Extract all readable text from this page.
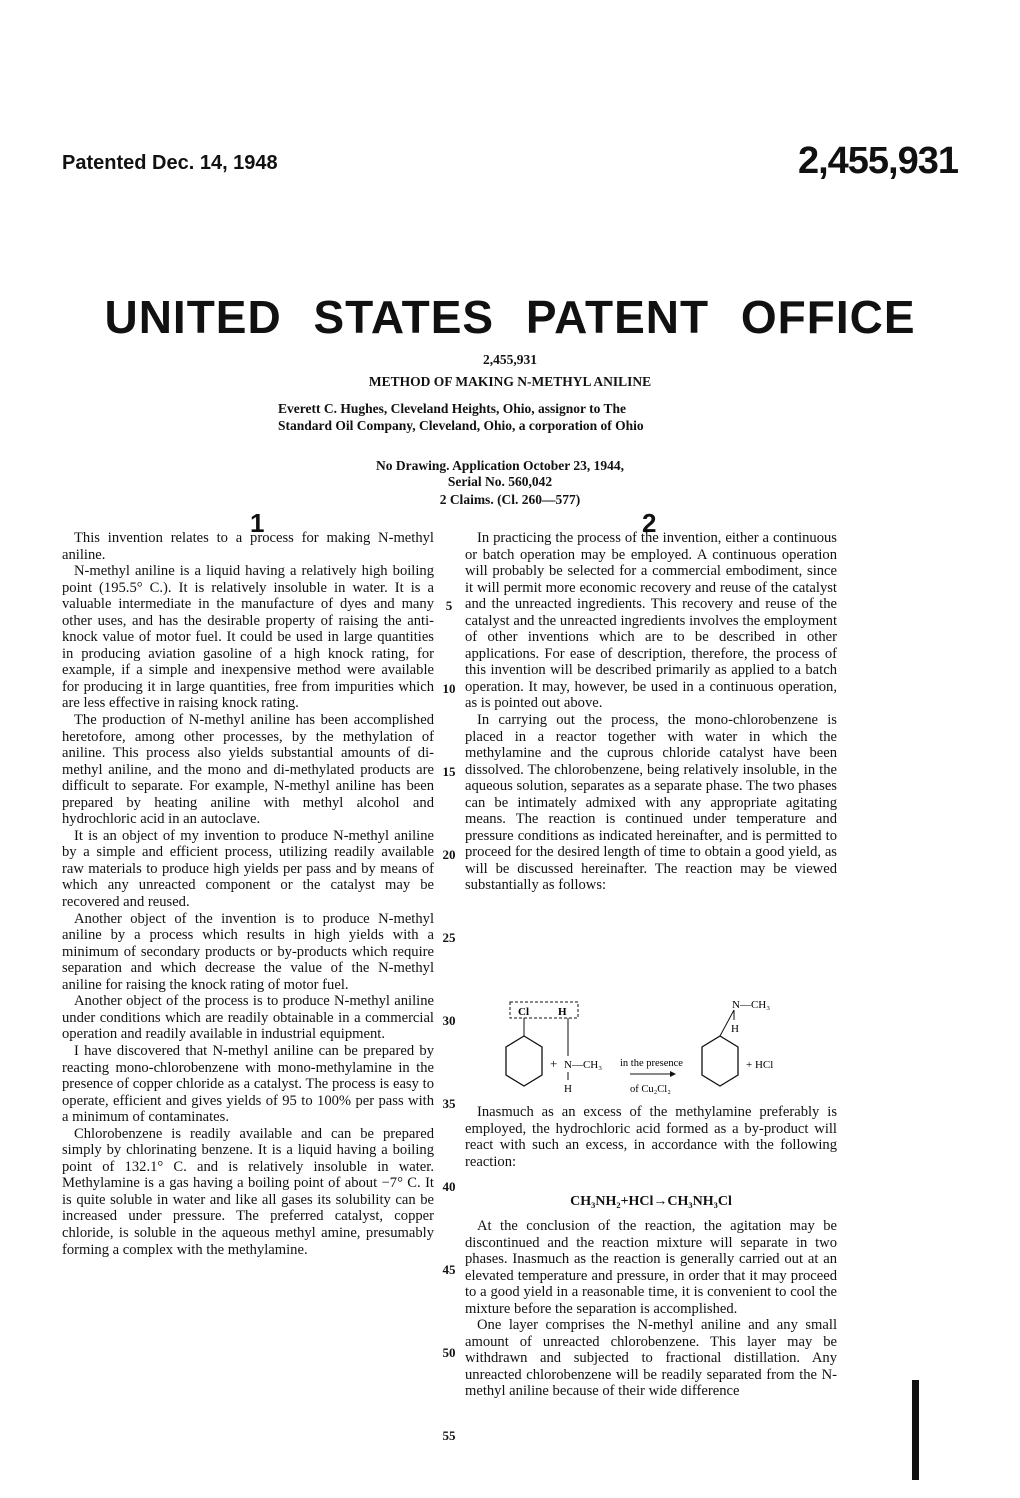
Patented Dec. 14, 1948	2,455,931
UNITED STATES PATENT OFFICE
2,455,931
METHOD OF MAKING N-METHYL ANILINE
Everett C. Hughes, Cleveland Heights, Ohio, assignor to The Standard Oil Company, Cleveland, Ohio, a corporation of Ohio
No Drawing. Application October 23, 1944,
Serial No. 560,042
2 Claims. (Cl. 260—577)
1	2

This invention relates to a process for making N-methyl aniline.

N-methyl aniline is a liquid having a relatively high boiling point (195.5° C.). It is relatively insoluble in water. It is a valuable intermediate in the manufacture of dyes and many other uses, and has the desirable property of raising the anti-knock value of motor fuel. It could be used in large quantities in producing aviation gasoline of a high knock rating, for example, if a simple and inexpensive method were available for producing it in large quantities, free from impurities which are less effective in raising knock rating.

The production of N-methyl aniline has been accomplished heretofore, among other processes, by the methylation of aniline. This process also yields substantial amounts of di-methyl aniline, and the mono and di-methylated products are difficult to separate. For example, N-methyl aniline has been prepared by heating aniline with methyl alcohol and hydrochloric acid in an autoclave.

It is an object of my invention to produce N-methyl aniline by a simple and efficient process, utilizing readily available raw materials to produce high yields per pass and by means of which any unreacted component or the catalyst may be recovered and reused.

Another object of the invention is to produce N-methyl aniline by a process which results in high yields with a minimum of secondary products or by-products which require separation and which decrease the value of the N-methyl aniline for raising the knock rating of motor fuel.

Another object of the process is to produce N-methyl aniline under conditions which are readily obtainable in a commercial operation and readily available in industrial equipment.

I have discovered that N-methyl aniline can be prepared by reacting mono-chlorobenzene with mono-methylamine in the presence of copper chloride as a catalyst. The process is easy to operate, efficient and gives yields of 95 to 100% per pass with a minimum of contaminates.

Chlorobenzene is readily available and can be prepared simply by chlorinating benzene. It is a liquid having a boiling point of 132.1° C. and is relatively insoluble in water. Methylamine is a gas having a boiling point of about −7° C. It is quite soluble in water and like all gases its solubility can be increased under pressure. The preferred catalyst, copper chloride, is soluble in the aqueous methyl amine, presumably forming a complex with the methylamine.

5
10
15
20
25
30
35
40
45
50
55

In practicing the process of the invention, either a continuous or batch operation may be employed. A continuous operation will probably be selected for a commercial embodiment, since it will permit more economic recovery and reuse of the catalyst and the unreacted ingredients. This recovery and reuse of the catalyst and the unreacted ingredients involves the employment of other inventions which are to be described in other applications. For ease of description, therefore, the process of this invention will be described primarily as applied to a batch operation. It may, however, be used in a continuous operation, as is pointed out above.

In carrying out the process, the mono-chlorobenzene is placed in a reactor together with water in which the methylamine and the cuprous chloride catalyst have been dissolved. The chlorobenzene, being relatively insoluble, in the aqueous solution, separates as a separate phase. The two phases can be intimately admixed with any appropriate agitating means. The reaction is continued under temperature and pressure conditions as indicated hereinafter, and is permitted to proceed for the desired length of time to obtain a good yield, as will be discussed hereinafter. The reaction may be viewed substantially as follows:

Cl	H
+ N—CH₃
H
in the presence
of Cu₂Cl₂
N—CH₃
H
+ HCl

Inasmuch as an excess of the methylamine preferably is employed, the hydrochloric acid formed as a by-product will react with such an excess, in accordance with the following reaction:

CH₃NH₂+HCl→CH₃NH₃Cl

At the conclusion of the reaction, the agitation may be discontinued and the reaction mixture will separate in two phases. Inasmuch as the reaction is generally carried out at an elevated temperature and pressure, in order that it may proceed to a good yield in a reasonable time, it is convenient to cool the mixture before the separation is accomplished.

One layer comprises the N-methyl aniline and any small amount of unreacted chlorobenzene. This layer may be withdrawn and subjected to fractional distillation. Any unreacted chlorobenzene will be readily separated from the N-methyl aniline because of their wide difference
